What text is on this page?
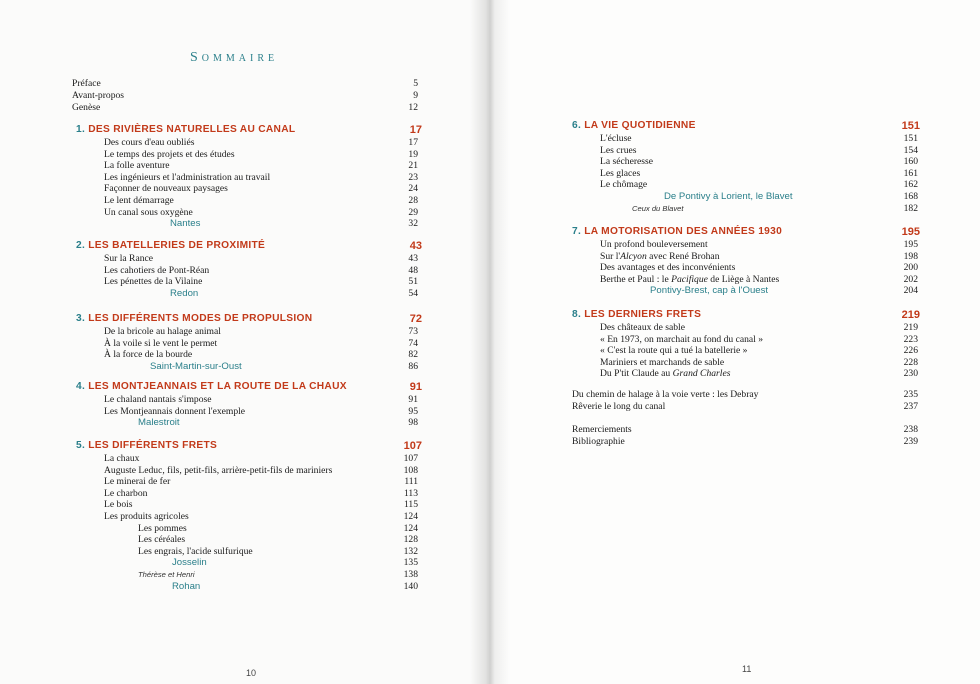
Sommaire
10	11
Préface	5
Avant-propos	9
Genèse	12
1. DES RIVIÈRES NATURELLES AU CANAL	17
Des cours d'eau oubliés	17
Le temps des projets et des études	19
La folle aventure	21
Les ingénieurs et l'administration au travail	23
Façonner de nouveaux paysages	24
Le lent démarrage	28
Un canal sous oxygène	29
Nantes	32
2. LES BATELLERIES DE PROXIMITÉ	43
Sur la Rance	43
Les cahotiers de Pont-Réan	48
Les pénettes de la Vilaine	51
Redon	54
3. LES DIFFÉRENTS MODES DE PROPULSION	72
De la bricole au halage animal	73
À la voile si le vent le permet	74
À la force de la bourde	82
Saint-Martin-sur-Oust	86
4. LES MONTJEANNAIS ET LA ROUTE DE LA CHAUX	91
Le chaland nantais s'impose	91
Les Montjeannais donnent l'exemple	95
Malestroit	98
5. LES DIFFÉRENTS FRETS	107
La chaux	107
Auguste Leduc, fils, petit-fils, arrière-petit-fils de mariniers	108
Le minerai de fer	111
Le charbon	113
Le bois	115
Les produits agricoles	124
Les pommes	124
Les céréales	128
Les engrais, l'acide sulfurique	132
Josselin	135
Thérèse et Henri	138
Rohan	140
6. LA VIE QUOTIDIENNE	151
L'écluse	151
Les crues	154
La sécheresse	160
Les glaces	161
Le chômage	162
De Pontivy à Lorient, le Blavet	168
Ceux du Blavet	182
7. LA MOTORISATION DES ANNÉES 1930	195
Un profond bouleversement	195
Sur l'Alcyon avec René Brohan	198
Des avantages et des inconvénients	200
Berthe et Paul : le Pacifique de Liège à Nantes	202
Pontivy-Brest, cap à l'Ouest	204
8. LES DERNIERS FRETS	219
Des châteaux de sable	219
« En 1973, on marchait au fond du canal »	223
« C'est la route qui a tué la batellerie »	226
Mariniers et marchands de sable	228
Du P'tit Claude au Grand Charles	230
Du chemin de halage à la voie verte : les Debray	235
Rêverie le long du canal	237
Remerciements	238
Bibliographie	239
